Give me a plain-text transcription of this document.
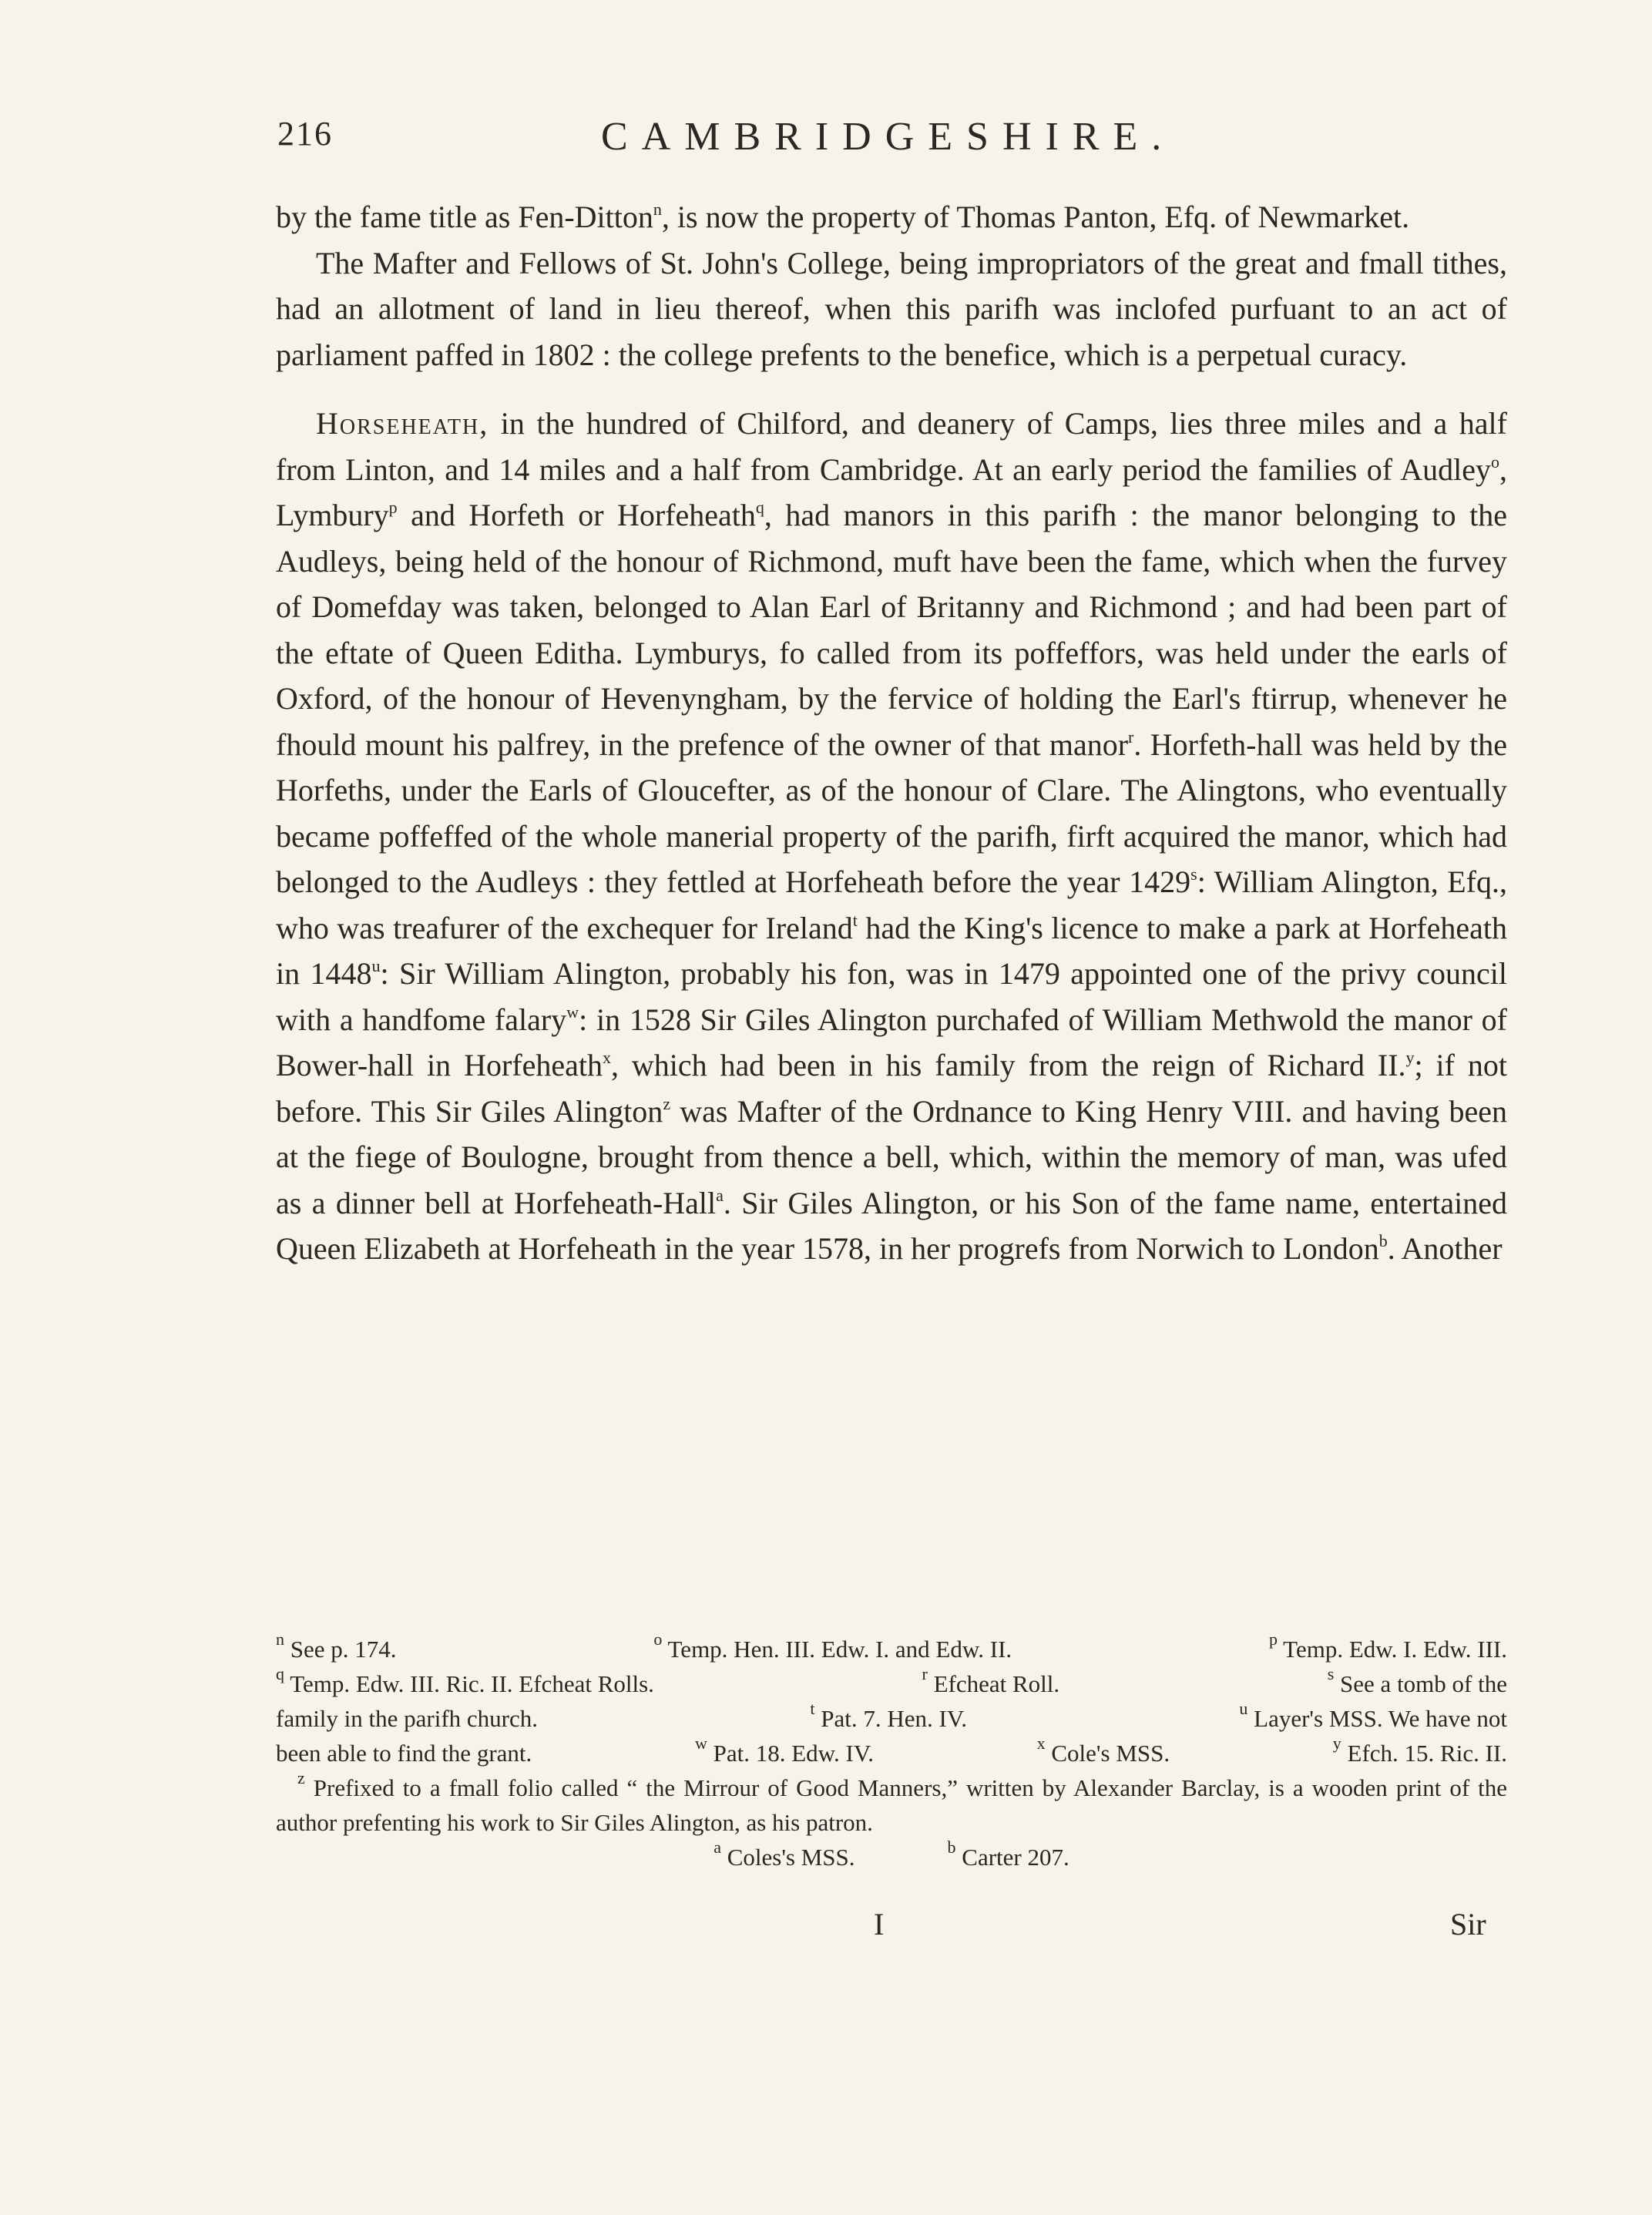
216	CAMBRIDGESHIRE.

by the fame title as Fen-Ditton$^n$, is now the property of Thomas Panton, Efq. of Newmarket.

The Mafter and Fellows of St. John's College, being impropriators of the great and fmall tithes, had an allotment of land in lieu thereof, when this parifh was inclofed purfuant to an act of parliament paffed in 1802 : the college prefents to the benefice, which is a perpetual curacy.

Horseheath, in the hundred of Chilford, and deanery of Camps, lies three miles and a half from Linton, and 14 miles and a half from Cambridge. At an early period the families of Audley$^o$, Lymbury$^p$ and Horfeth or Horfeheath$^q$, had manors in this parifh : the manor belonging to the Audleys, being held of the honour of Richmond, muft have been the fame, which when the furvey of Domefday was taken, belonged to Alan Earl of Britanny and Richmond ; and had been part of the eftate of Queen Editha. Lymburys, fo called from its poffeffors, was held under the earls of Oxford, of the honour of Hevenyngham, by the fervice of holding the Earl's ftirrup, whenever he fhould mount his palfrey, in the prefence of the owner of that manor$^r$. Horfeth-hall was held by the Horfeths, under the Earls of Gloucefter, as of the honour of Clare. The Alingtons, who eventually became poffeffed of the whole manerial property of the parifh, firft acquired the manor, which had belonged to the Audleys : they fettled at Horfeheath before the year 1429$^s$: William Alington, Efq., who was treafurer of the exchequer for Ireland$^t$ had the King's licence to make a park at Horfeheath in 1448$^u$: Sir William Alington, probably his fon, was in 1479 appointed one of the privy council with a handfome falary$^w$: in 1528 Sir Giles Alington purchafed of William Methwold the manor of Bower-hall in Horfeheath$^x$, which had been in his family from the reign of Richard II.$^y$; if not before. This Sir Giles Alington$^z$ was Mafter of the Ordnance to King Henry VIII. and having been at the fiege of Boulogne, brought from thence a bell, which, within the memory of man, was ufed as a dinner bell at Horfeheath-Hall$^a$. Sir Giles Alington, or his Son of the fame name, entertained Queen Elizabeth at Horfeheath in the year 1578, in her progrefs from Norwich to London$^b$. Another

$^n$ See p. 174.	$^o$ Temp. Hen. III. Edw. I. and Edw. II.	$^p$ Temp. Edw. I. Edw. III.
$^q$ Temp. Edw. III. Ric. II. Efcheat Rolls.	$^r$ Efcheat Roll.	$^s$ See a tomb of the
family in the parifh church.	$^t$ Pat. 7. Hen. IV.	$^u$ Layer's MSS. We have not
been able to find the grant.	$^w$ Pat. 18. Edw. IV.	$^x$ Cole's MSS.	$^y$ Efch. 15. Ric. II.

$^z$ Prefixed to a fmall folio called “ the Mirrour of Good Manners,” written by Alexander Barclay, is a wooden print of the author prefenting his work to Sir Giles Alington, as his patron.

$^a$ Coles's MSS.	$^b$ Carter 207.

I	Sir
